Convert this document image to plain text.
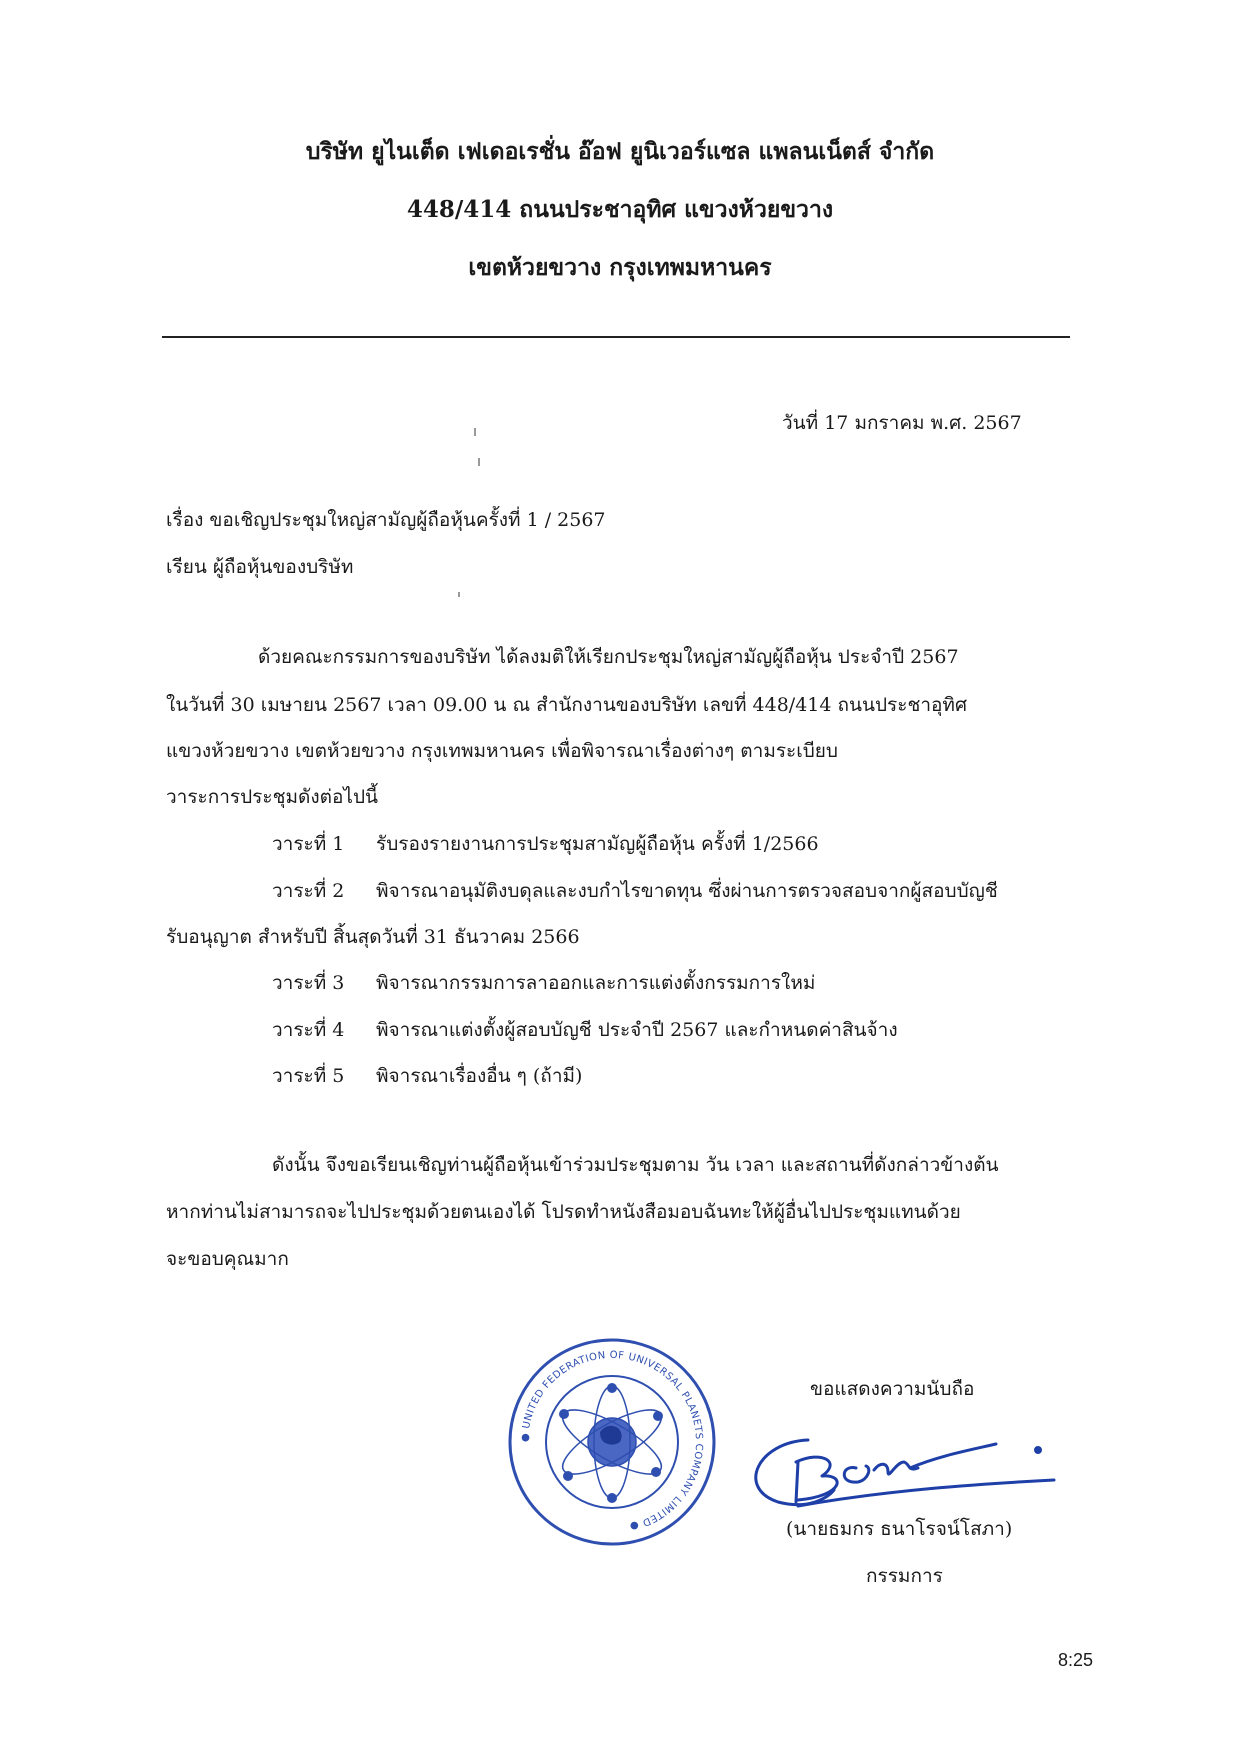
บริษัท ยูไนเต็ด เฟเดอเรชั่น อ๊อฟ ยูนิเวอร์แซล แพลนเน็ตส์ จำกัด
448/414 ถนนประชาอุทิศ แขวงห้วยขวาง
เขตห้วยขวาง กรุงเทพมหานคร
วันที่ 17 มกราคม พ.ศ. 2567
เรื่อง ขอเชิญประชุมใหญ่สามัญผู้ถือหุ้นครั้งที่ 1 / 2567
เรียน ผู้ถือหุ้นของบริษัท
ด้วยคณะกรรมการของบริษัท ได้ลงมติให้เรียกประชุมใหญ่สามัญผู้ถือหุ้น ประจำปี 2567
ในวันที่ 30 เมษายน 2567 เวลา 09.00 น ณ สำนักงานของบริษัท เลขที่ 448/414 ถนนประชาอุทิศ
แขวงห้วยขวาง เขตห้วยขวาง กรุงเทพมหานคร เพื่อพิจารณาเรื่องต่างๆ ตามระเบียบ
วาระการประชุมดังต่อไปนี้
วาระที่ 1 รับรองรายงานการประชุมสามัญผู้ถือหุ้น ครั้งที่ 1/2566
วาระที่ 2 พิจารณาอนุมัติงบดุลและงบกำไรขาดทุน ซึ่งผ่านการตรวจสอบจากผู้สอบบัญชี
รับอนุญาต สำหรับปี สิ้นสุดวันที่ 31 ธันวาคม 2566
วาระที่ 3 พิจารณากรรมการลาออกและการแต่งตั้งกรรมการใหม่
วาระที่ 4 พิจารณาแต่งตั้งผู้สอบบัญชี ประจำปี 2567 และกำหนดค่าสินจ้าง
วาระที่ 5 พิจารณาเรื่องอื่น ๆ (ถ้ามี)
ดังนั้น จึงขอเรียนเชิญท่านผู้ถือหุ้นเข้าร่วมประชุมตาม วัน เวลา และสถานที่ดังกล่าวข้างต้น
หากท่านไม่สามารถจะไปประชุมด้วยตนเองได้ โปรดทำหนังสือมอบฉันทะให้ผู้อื่นไปประชุมแทนด้วย
จะขอบคุณมาก
● UNITED FEDERATION OF UNIVERSAL PLANETS COMPANY LIMITED ●
ขอแสดงความนับถือ
(นายธมกร ธนาโรจน์โสภา)
กรรมการ
8:25
